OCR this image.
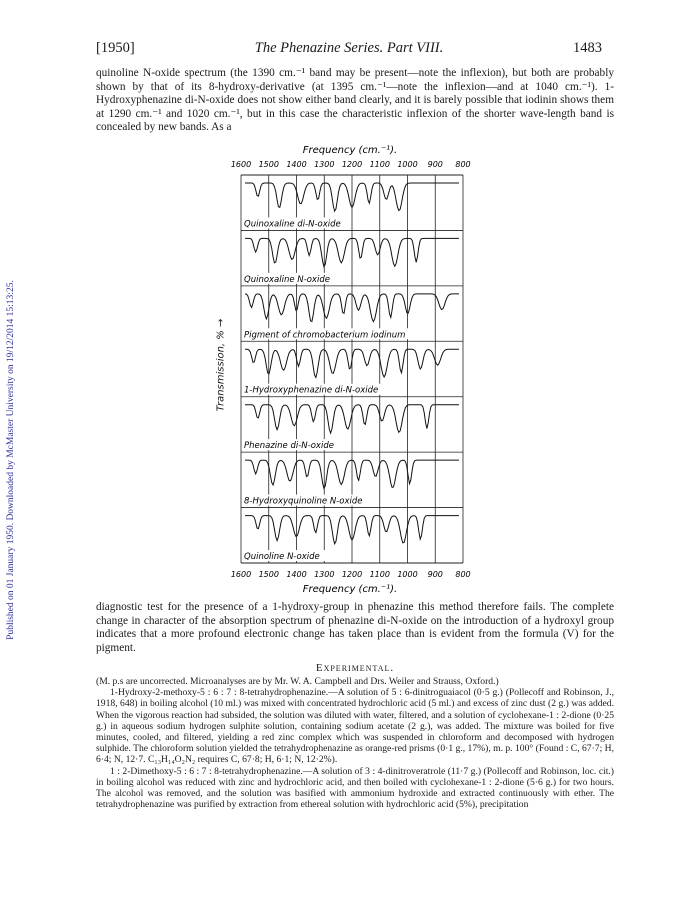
[1950]	The Phenazine Series. Part VIII.	1483
Published on 01 January 1950. Downloaded by McMaster University on 19/12/2014 15:13:25.

quinoline N-oxide spectrum (the 1390 cm.⁻¹ band may be present—note the inflexion), but both are probably shown by that of its 8-hydroxy-derivative (at 1395 cm.⁻¹—note the inflexion—and at 1040 cm.⁻¹). 1-Hydroxyphenazine di-N-oxide does not show either band clearly, and it is barely possible that iodinin shows them at 1290 cm.⁻¹ and 1020 cm.⁻¹, but in this case the characteristic inflexion of the shorter wave-length band is concealed by new bands. As a

Frequency (cm.⁻¹).
1600 1500 1400 1300 1200 1100 1000 900 800
Quinoxaline di-N-oxide
Quinoxaline N-oxide
Pigment of chromobacterium iodinum
1-Hydroxyphenazine di-N-oxide
Phenazine di-N-oxide
8-Hydroxyquinoline N-oxide
Quinoline N-oxide
1600 1500 1400 1300 1200 1100 1000 900 800
Frequency (cm.⁻¹).
Transmission, % →

diagnostic test for the presence of a 1-hydroxy-group in phenazine this method therefore fails. The complete change in character of the absorption spectrum of phenazine di-N-oxide on the introduction of a hydroxyl group indicates that a more profound electronic change has taken place than is evident from the formula (V) for the pigment.

Experimental.

(M. p.s are uncorrected. Microanalyses are by Mr. W. A. Campbell and Drs. Weiler and Strauss, Oxford.)

1-Hydroxy-2-methoxy-5 : 6 : 7 : 8-tetrahydrophenazine.—A solution of 5 : 6-dinitroguaiacol (0·5 g.) (Pollecoff and Robinson, J., 1918, 648) in boiling alcohol (10 ml.) was mixed with concentrated hydrochloric acid (5 ml.) and excess of zinc dust (2 g.) was added. When the vigorous reaction had subsided, the solution was diluted with water, filtered, and a solution of cyclohexane-1 : 2-dione (0·25 g.) in aqueous sodium hydrogen sulphite solution, containing sodium acetate (2 g.), was added. The mixture was boiled for five minutes, cooled, and filtered, yielding a red zinc complex which was suspended in chloroform and decomposed with hydrogen sulphide. The chloroform solution yielded the tetrahydrophenazine as orange-red prisms (0·1 g., 17%), m. p. 100° (Found : C, 67·7; H, 6·4; N, 12·7. C₁₃H₁₄O₂N₂ requires C, 67·8; H, 6·1; N, 12·2%).

1 : 2-Dimethoxy-5 : 6 : 7 : 8-tetrahydrophenazine.—A solution of 3 : 4-dinitroveratrole (11·7 g.) (Pollecoff and Robinson, loc. cit.) in boiling alcohol was reduced with zinc and hydrochloric acid, and then boiled with cyclohexane-1 : 2-dione (5·6 g.) for two hours. The alcohol was removed, and the solution was basified with ammonium hydroxide and extracted continuously with ether. The tetrahydrophenazine was purified by extraction from ethereal solution with hydrochloric acid (5%), precipitation
